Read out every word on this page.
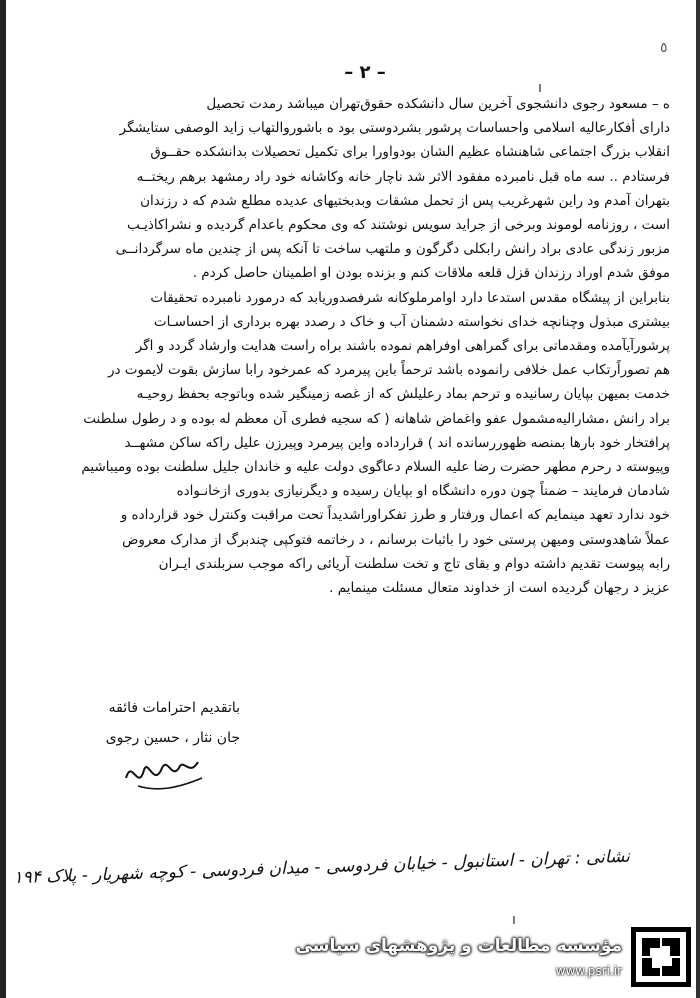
٥
– ۲ –
ı

ه – مسعود رجوی دانشجوی آخرین سال دانشکده حقوق‌تهران میباشد رمدت تحصیل
دارای أفکارعالیه اسلامی واحساسات پرشور بشردوستی بود ه باشوروالتهاب زاید الوصفی ستایشگر
انقلاب بزرگ اجتماعی شاهنشاه عظیم الشان بودواورا برای تکمیل تحصیلات بدانشکده حقــوق
فرستادم .. سه ماه قبل نامبرده مفقود الاثر شد ناچار خانه وکاشانه خود راد رمشهد برهم ریختــه
بتهران آمدم ود راین شهرغریب پس از تحمل مشقات وبدبختیهای عدیده مطلع شدم که د رزندان
است ، روزنامه لوموند وبرخی از جراید سویس نوشتند که وی محکوم باعدام گردیده و نشراکاذیـب
مزبور زندگی عادی براد رانش رابکلی دگرگون و ملتهب ساخت تا آنکه پس از چندین ماه سرگردانــی
موفق شدم اوراد رزندان قزل قلعه ملاقات کنم و بزنده بودن او اطمینان حاصل کردم .

بنابراین از پیشگاه مقدس استدعا دارد اوامرملوکانه شرفصدوریابد که درمورد نامبرده تحقیقات
بیشتری مبذول وچنانچه خدای نخواسته دشمنان آب و خاک د رصدد بهره برداری از احساسـات
پرشورآیآمده ومقدماتی برای گمراهی اوفراهم نموده باشند براه راست هدایت وارشاد گردد و اگر
هم تصوراًرتکاب عمل خلافی رانموده باشد ترحماً باین پیرمرد که عمرخود رابا سازش بقوت لایموت در
خدمت بمیهن بپایان رسانیده و ترحم بماد رعلیلش که از غصه زمینگیر شده وباتوجه بحفظ روحیـه
براد رانش ،مشارالیه‌مشمول عفو واغماض شاهانه ( که سجیه فطری آن معظم له بوده و د رطول سلطنت
پرافتخار خود بارها بمنصه ظهوررسانده اند ) قرارداده واین پیرمرد وپیرزن علیل راکه ساکن مشهــد
وپیوسته د رحرم مطهر حضرت رضا علیه السلام دعاگوی دولت علیه و خاندان جلیل سلطنت بوده ومیباشیم
شادمان فرمایند – ضمناً چون دوره دانشگاه او بپایان رسیده و دیگرنیازی بدوری ازخانـواده
خود ندارد تعهد مینمایم که اعمال ورفتار و طرز تفکراوراشدیداً تحت مراقبت وکنترل خود قرارداده و
عملاً شاهدوستی ومیهن پرستی خود را باثبات برسانم ، د رخاتمه فتوکپی چندبرگ از مدارک معروض
رابه پیوست تقدیم داشته دوام و بقای تاج و تخت سلطنت آریائی راکه موجب سربلندی ایـران
عزیز د رجهان گردیده است از خداوند متعال مسئلت مینمایم .

باتقدیم احترامات فائقه
جان نثار ، حسین رجوی
نشانی : تهران - استانبول - خیابان فردوسی - میدان فردوسی - کوچه شهریار - پلاک ۱۹۴
ı
مؤسسه مطالعات و پژوهشهای سیاسی
www.psri.ir
